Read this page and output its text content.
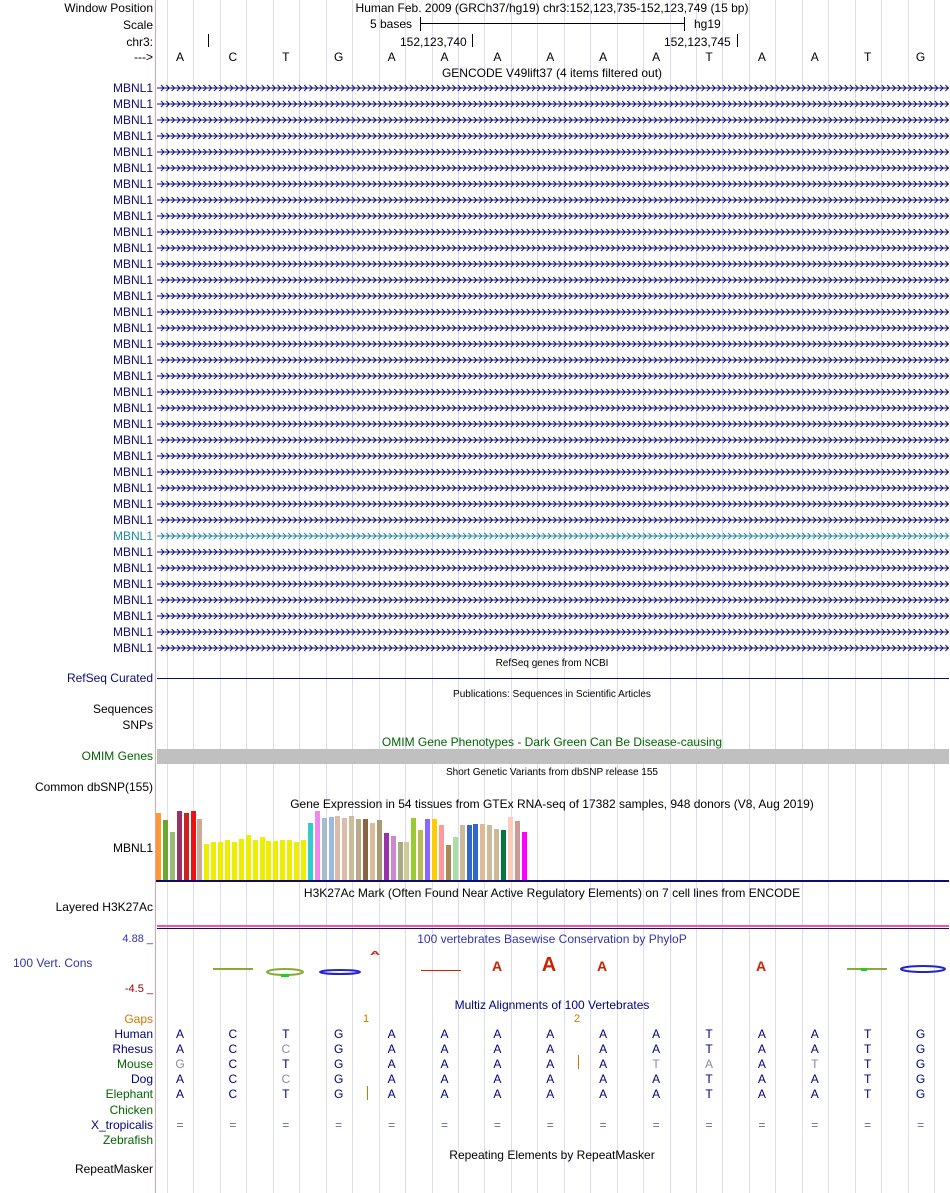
Window Position	Human Feb. 2009 (GRCh37/hg19) chr3:152,123,735-152,123,749 (15 bp)
Scale	5 bases	hg19
chr3:	152,123,740	152,123,745
---> A	C	T	G	A	A	A	A	A	A	T	A	A	T	G
GENCODE V49lift37 (4 items filtered out)
MBNL1
MBNL1
MBNL1
MBNL1
MBNL1
MBNL1
MBNL1
MBNL1
MBNL1
MBNL1
MBNL1
MBNL1
MBNL1
MBNL1
MBNL1
MBNL1
MBNL1
MBNL1
MBNL1
MBNL1
MBNL1
MBNL1
MBNL1
MBNL1
MBNL1
MBNL1
MBNL1
MBNL1
MBNL1
MBNL1
MBNL1
MBNL1
MBNL1
MBNL1
MBNL1
MBNL1
RefSeq genes from NCBI
RefSeq Curated
Publications: Sequences in Scientific Articles
Sequences
SNPs
OMIM Gene Phenotypes - Dark Green Can Be Disease-causing
OMIM Genes
Short Genetic Variants from dbSNP release 155
Common dbSNP(155)
Gene Expression in 54 tissues from GTEx RNA-seq of 17382 samples, 948 donors (V8, Aug 2019)
MBNL1
H3K27Ac Mark (Often Found Near Active Regulatory Elements) on 7 cell lines from ENCODE
Layered H3K27Ac
100 vertebrates Basewise Conservation by PhyloP
4.88 _
100 Vert. Cons
-4.5 _
A
A A	A	A
Multiz Alignments of 100 Vertebrates
Gaps	1	2
Human A	C	T	G	A	A	A	A	A	A	T	A	A	T	G
Rhesus A	C	C	G	A	A	A	A	A	A	T	A	A	T	G
Mouse G	C	T	G	A	A	A	A	A	T	A	A	T	T	G
Dog A	C	C	G	A	A	A	A	A	A	T	A	A	T	G
Elephant A	C	T	G	A	A	A	A	A	A	T	A	A	T	G
Chicken
X_tropicalis =	=	=	=	=	=	=	=	=	=	=	=	=	=	=
Zebrafish
Repeating Elements by RepeatMasker
RepeatMasker
